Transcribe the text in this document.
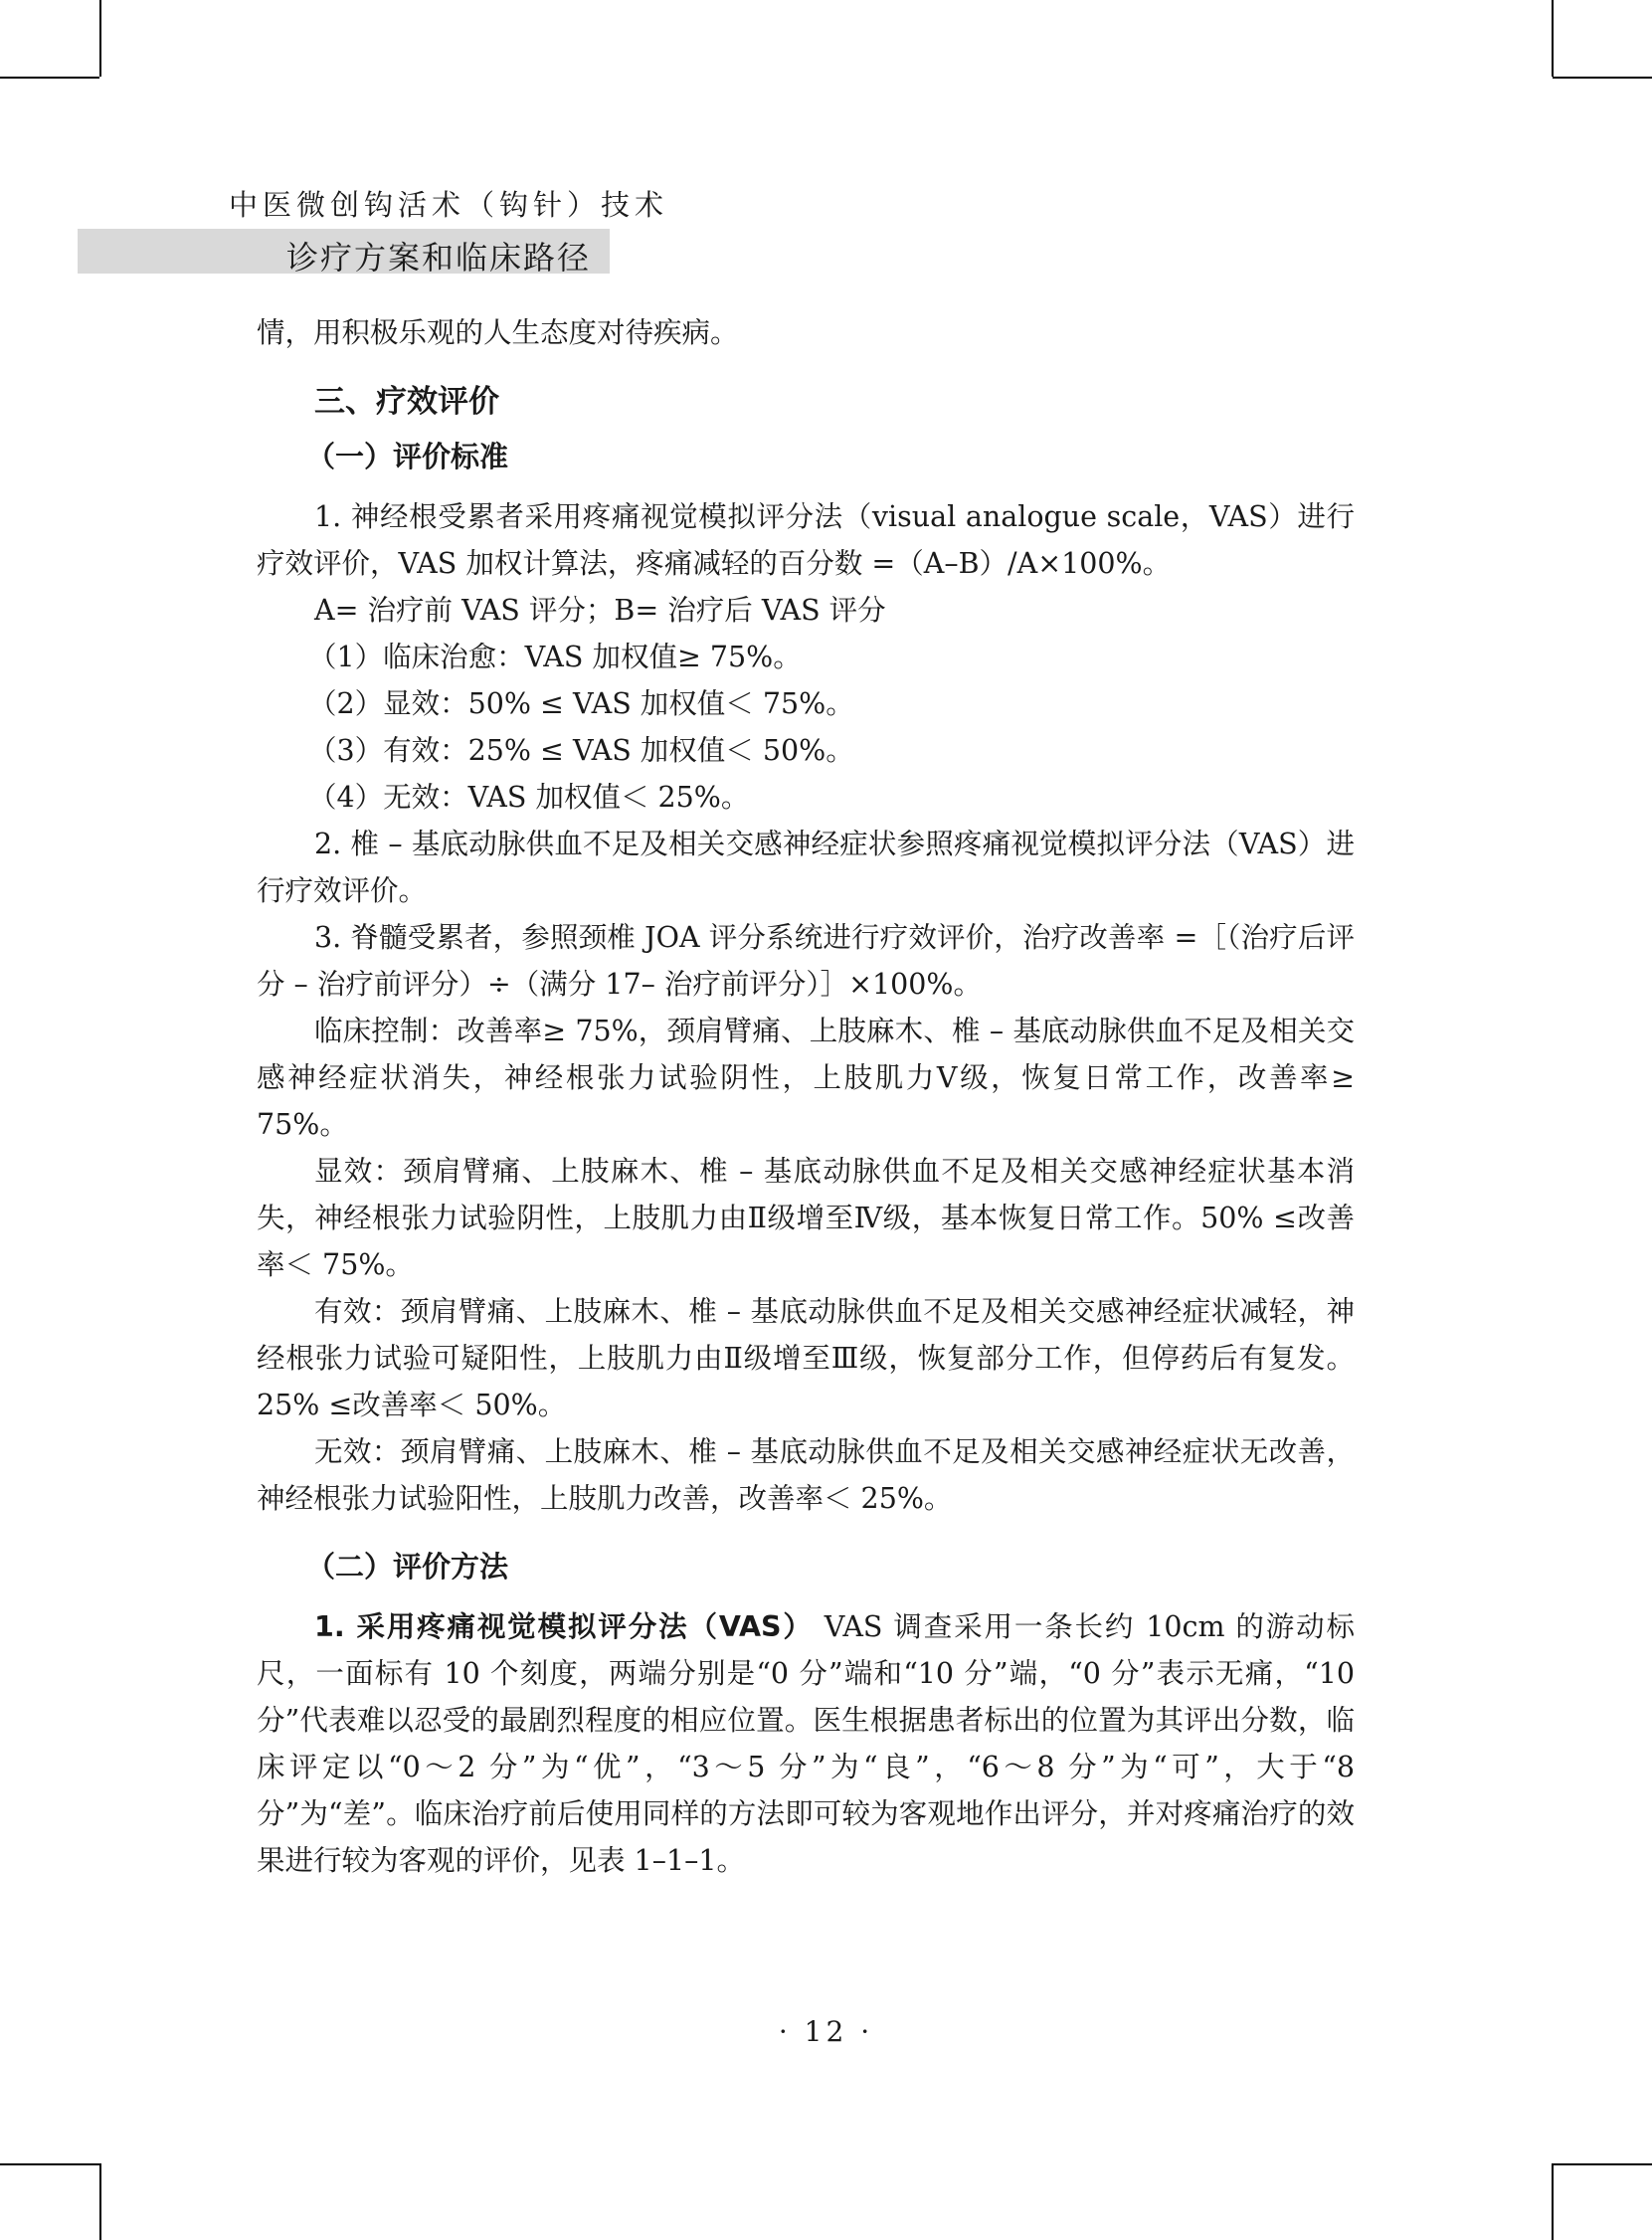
中医微创钩活术（钩针）技术
诊疗方案和临床路径

情，用积极乐观的人生态度对待疾病。

三、疗效评价
（一）评价标准

1. 神经根受累者采用疼痛视觉模拟评分法（visual analogue scale，VAS）进行疗效评价，VAS 加权计算法，疼痛减轻的百分数 =（A–B）/A×100%。

A= 治疗前 VAS 评分；B= 治疗后 VAS 评分

（1）临床治愈：VAS 加权值≥ 75%。

（2）显效：50% ≤ VAS 加权值＜ 75%。

（3）有效：25% ≤ VAS 加权值＜ 50%。

（4）无效：VAS 加权值＜ 25%。

2. 椎 – 基底动脉供血不足及相关交感神经症状参照疼痛视觉模拟评分法（VAS）进行疗效评价。

3. 脊髓受累者，参照颈椎 JOA 评分系统进行疗效评价，治疗改善率 =［（治疗后评分 – 治疗前评分）÷（满分 17– 治疗前评分）］×100%。

临床控制：改善率≥ 75%，颈肩臂痛、上肢麻木、椎 – 基底动脉供血不足及相关交感神经症状消失，神经根张力试验阴性，上肢肌力Ⅴ级，恢复日常工作，改善率≥ 75%。

显效：颈肩臂痛、上肢麻木、椎 – 基底动脉供血不足及相关交感神经症状基本消失，神经根张力试验阴性，上肢肌力由Ⅱ级增至Ⅳ级，基本恢复日常工作。50% ≤改善率＜ 75%。

有效：颈肩臂痛、上肢麻木、椎 – 基底动脉供血不足及相关交感神经症状减轻，神经根张力试验可疑阳性，上肢肌力由Ⅱ级增至Ⅲ级，恢复部分工作，但停药后有复发。25% ≤改善率＜ 50%。

无效：颈肩臂痛、上肢麻木、椎 – 基底动脉供血不足及相关交感神经症状无改善，神经根张力试验阳性，上肢肌力改善，改善率＜ 25%。

（二）评价方法

1. 采用疼痛视觉模拟评分法（VAS） VAS 调查采用一条长约 10cm 的游动标尺，一面标有 10 个刻度，两端分别是“0 分”端和“10 分”端，“0 分”表示无痛，“10 分”代表难以忍受的最剧烈程度的相应位置。医生根据患者标出的位置为其评出分数，临床评定以“0～2 分”为“优”，“3～5 分”为“良”，“6～8 分”为“可”，大于“8 分”为“差”。临床治疗前后使用同样的方法即可较为客观地作出评分，并对疼痛治疗的效果进行较为客观的评价，见表 1–1–1。

· 12 ·
